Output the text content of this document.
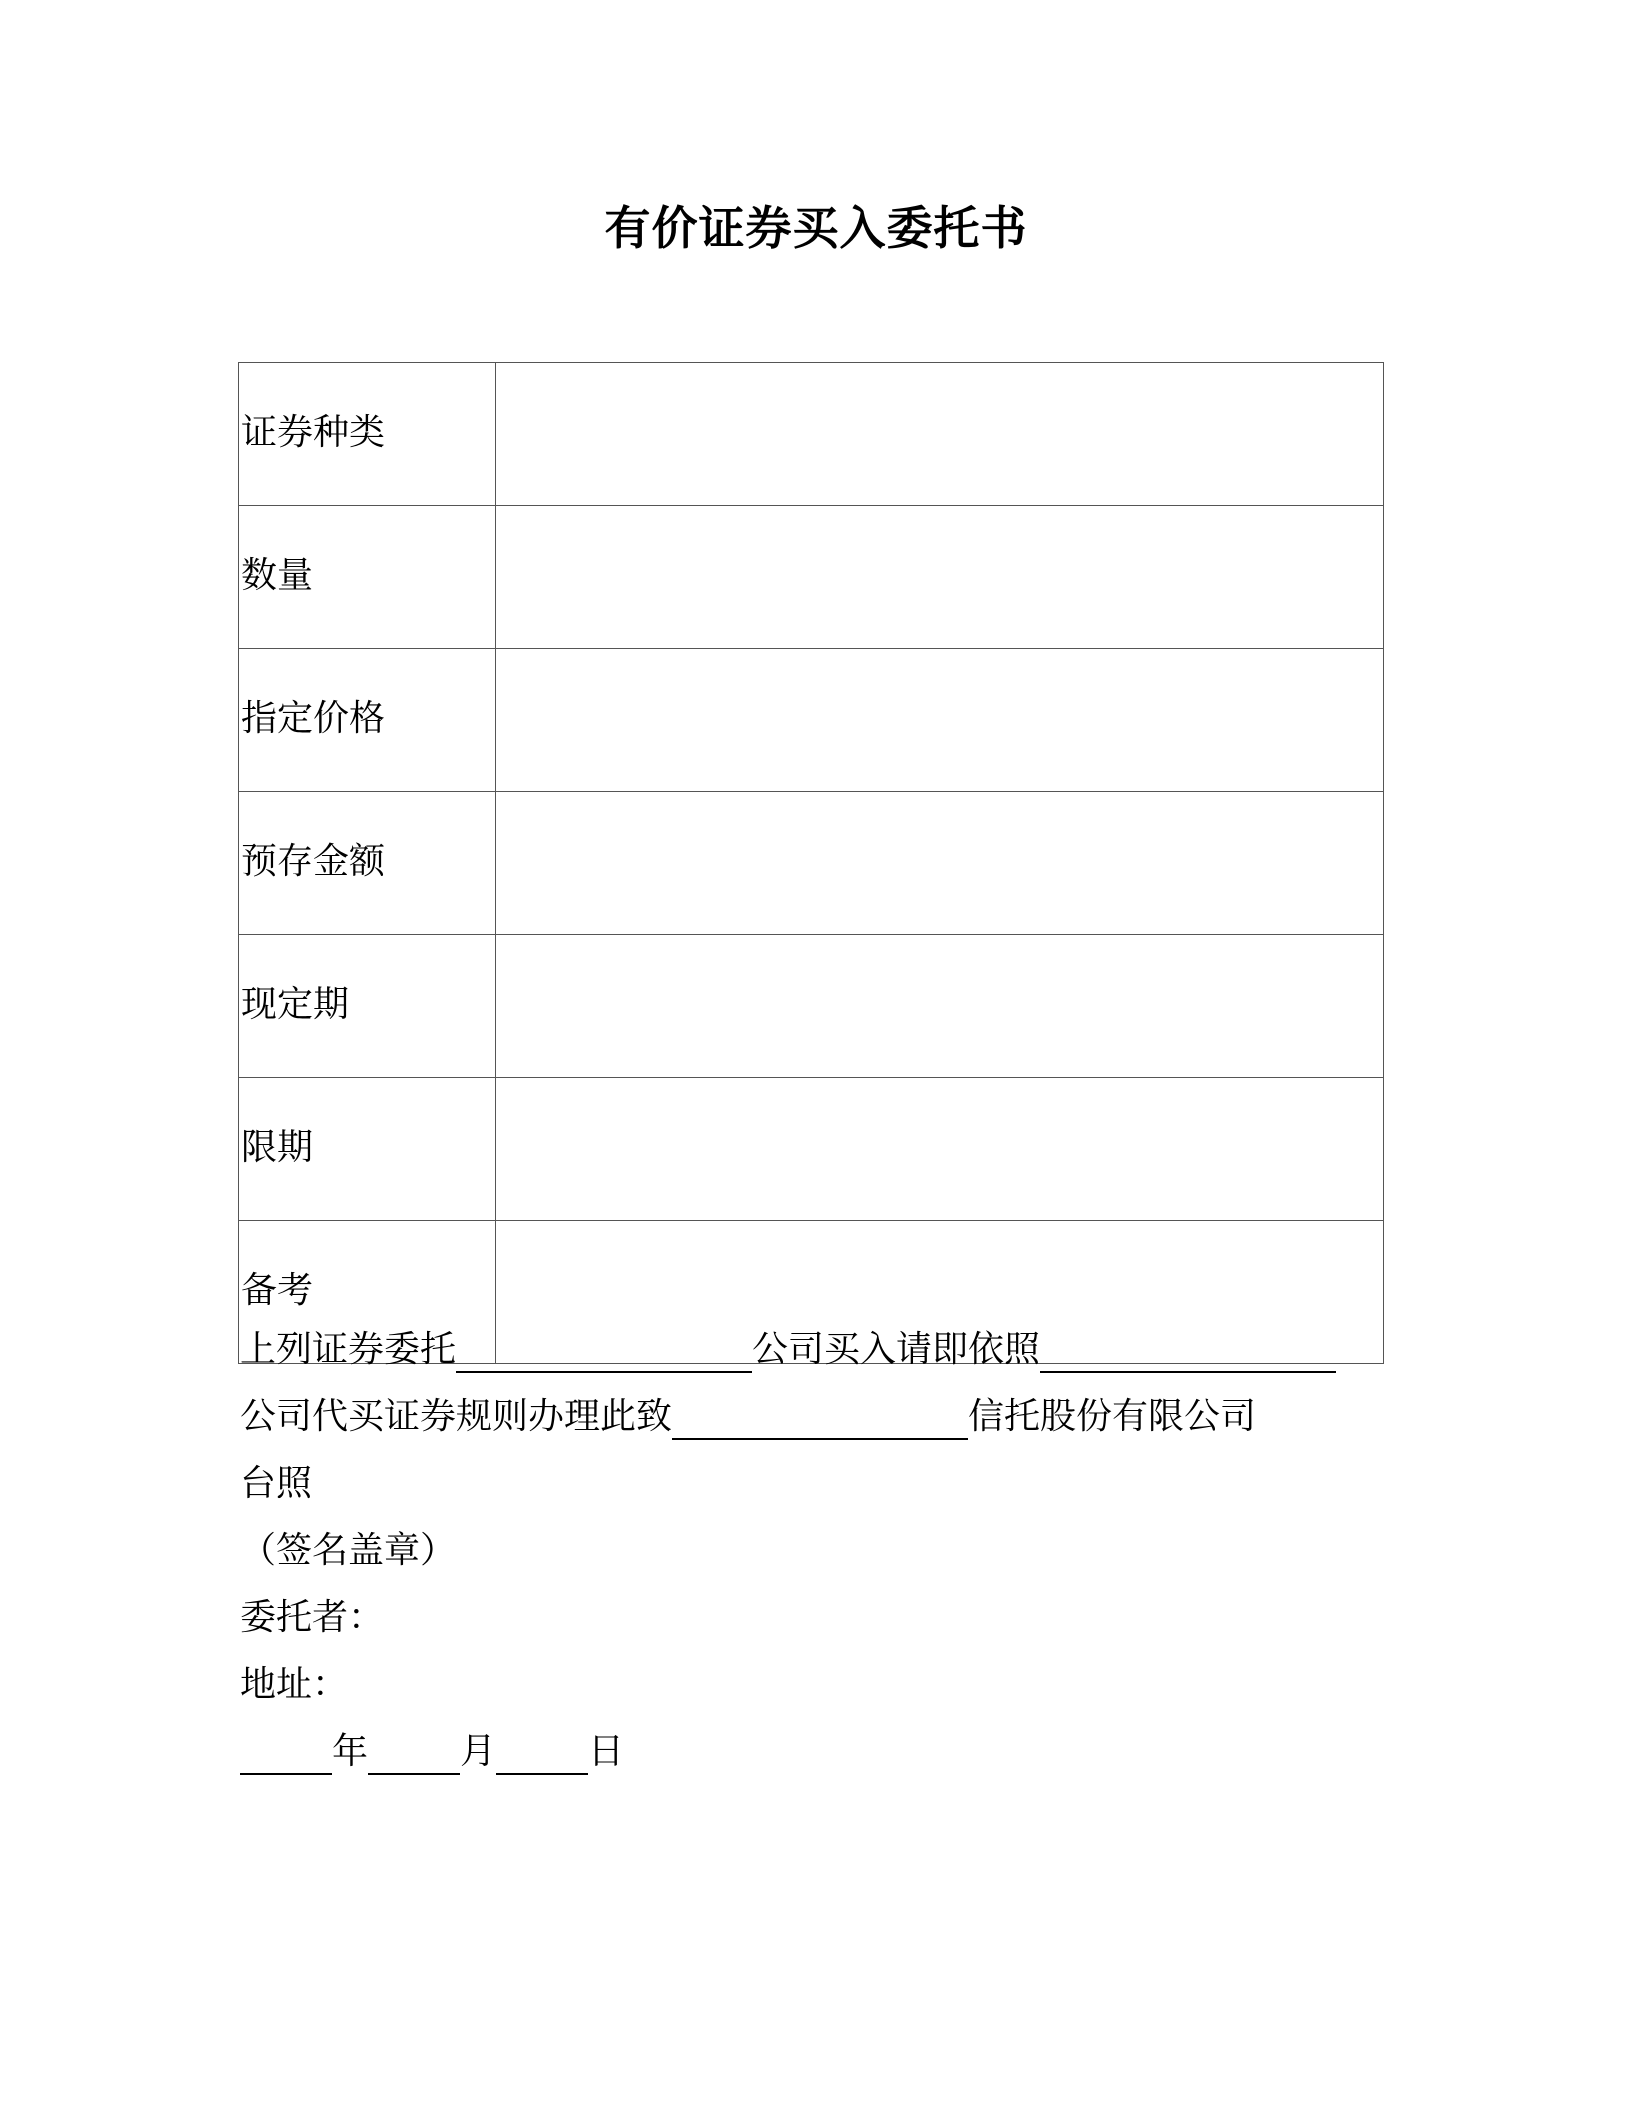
有价证券买入委托书
证券种类	
数量	
指定价格	
预存金额	
现定期	
限期	
备考	
上列证券委托	公司买入请即依照
公司代买证券规则办理此致	信托股份有限公司
台照
（签名盖章）
委托者：
地址：
年	月	日
